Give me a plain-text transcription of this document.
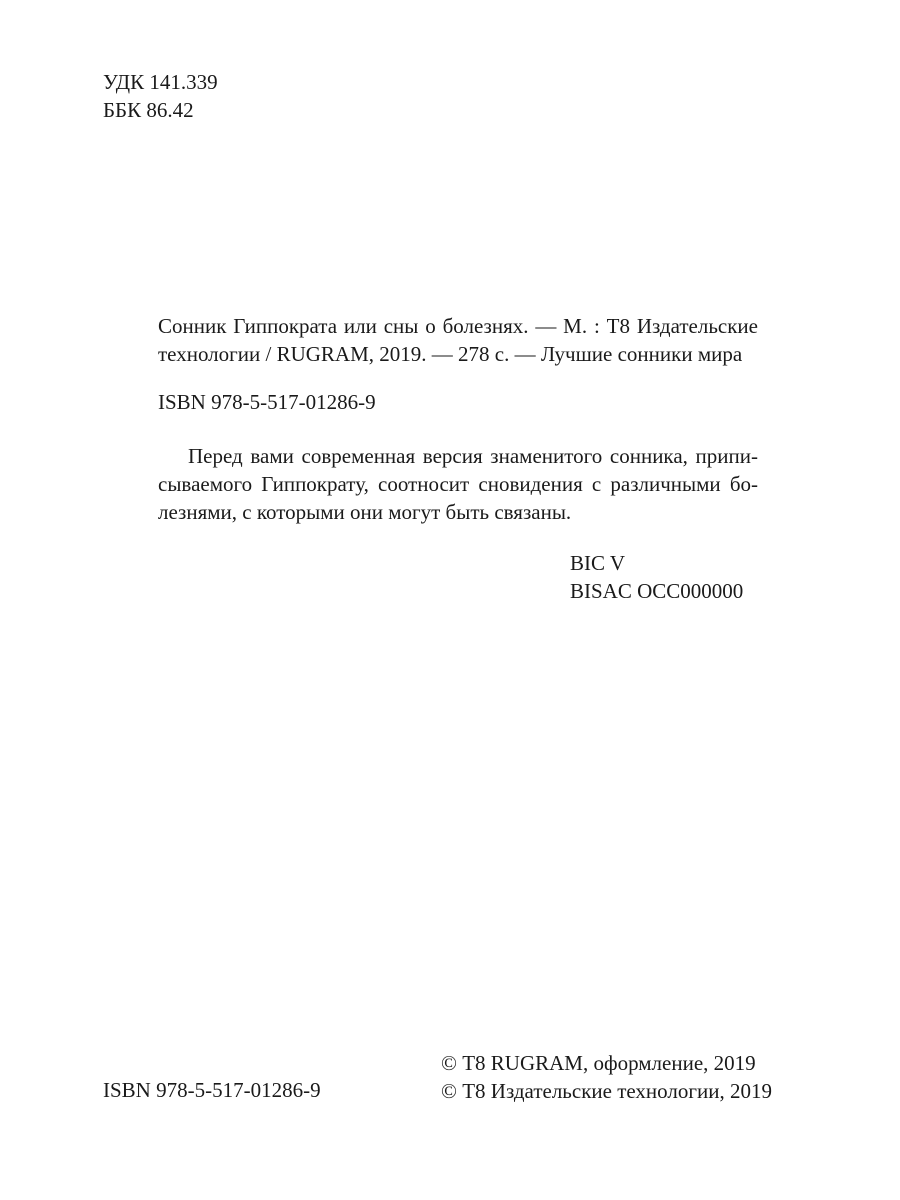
УДК 141.339
ББК 86.42
Сонник Гиппократа или сны о болезнях. — М. : Т8 Издательские
технологии / RUGRAM, 2019. — 278 с. — Лучшие сонники мира
ISBN 978-5-517-01286-9
Перед вами современная версия знаменитого сонника, припи-
сываемого Гиппократу, соотносит сновидения с различными бо-
лезнями, с которыми они могут быть связаны.
BIC V
BISAC OCC000000
ISBN 978-5-517-01286-9
© Т8 RUGRAM, оформление, 2019
© Т8 Издательские технологии, 2019
